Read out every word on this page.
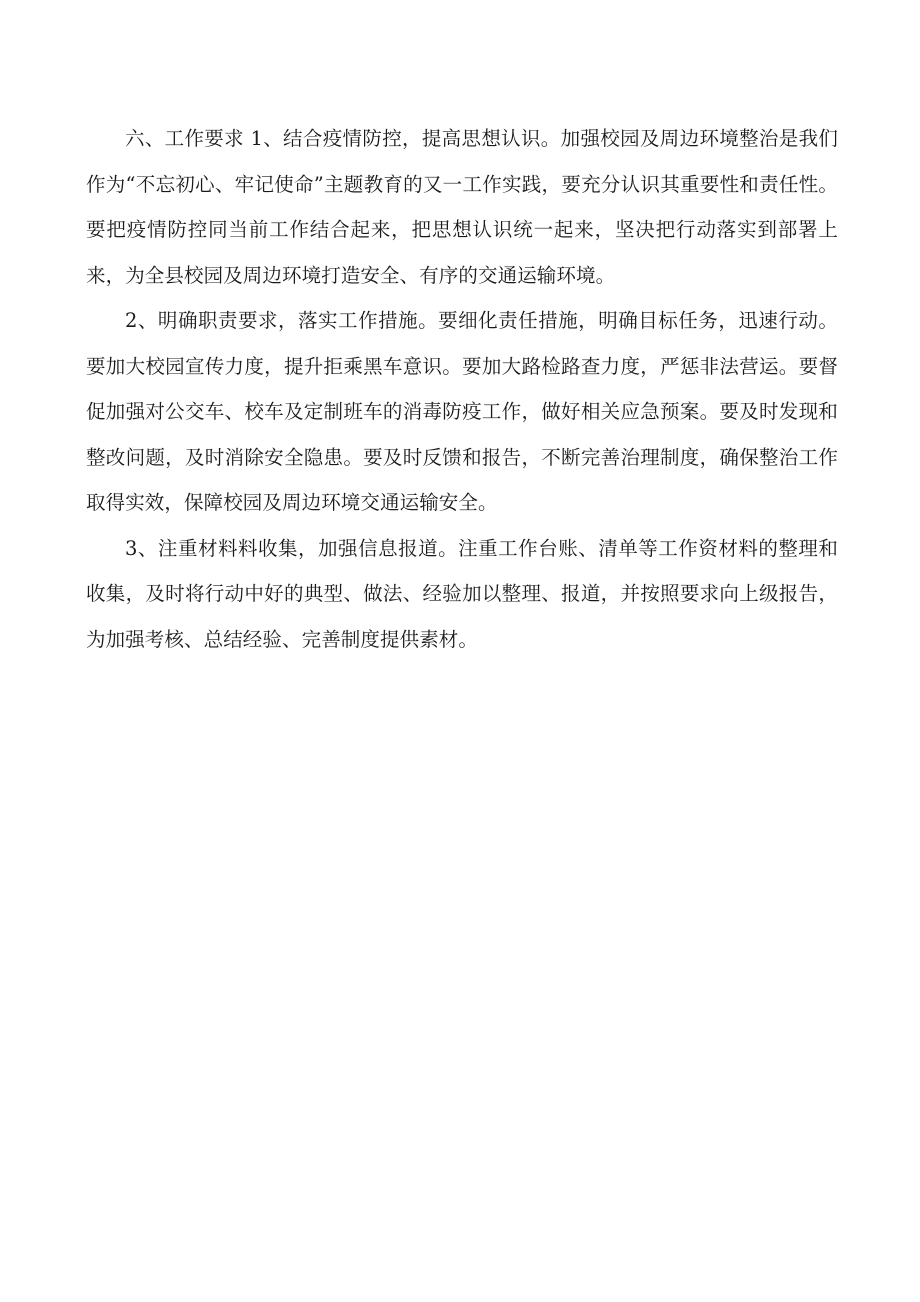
六、工作要求 1、结合疫情防控，提高思想认识。加强校园及周边环境整治是我们作为“不忘初心、牢记使命”主题教育的又一工作实践，要充分认识其重要性和责任性。要把疫情防控同当前工作结合起来，把思想认识统一起来，坚决把行动落实到部署上来，为全县校园及周边环境打造安全、有序的交通运输环境。

2、明确职责要求，落实工作措施。要细化责任措施，明确目标任务，迅速行动。要加大校园宣传力度，提升拒乘黑车意识。要加大路检路查力度，严惩非法营运。要督促加强对公交车、校车及定制班车的消毒防疫工作，做好相关应急预案。要及时发现和整改问题，及时消除安全隐患。要及时反馈和报告，不断完善治理制度，确保整治工作取得实效，保障校园及周边环境交通运输安全。

3、注重材料料收集，加强信息报道。注重工作台账、清单等工作资材料的整理和收集，及时将行动中好的典型、做法、经验加以整理、报道，并按照要求向上级报告，为加强考核、总结经验、完善制度提供素材。
